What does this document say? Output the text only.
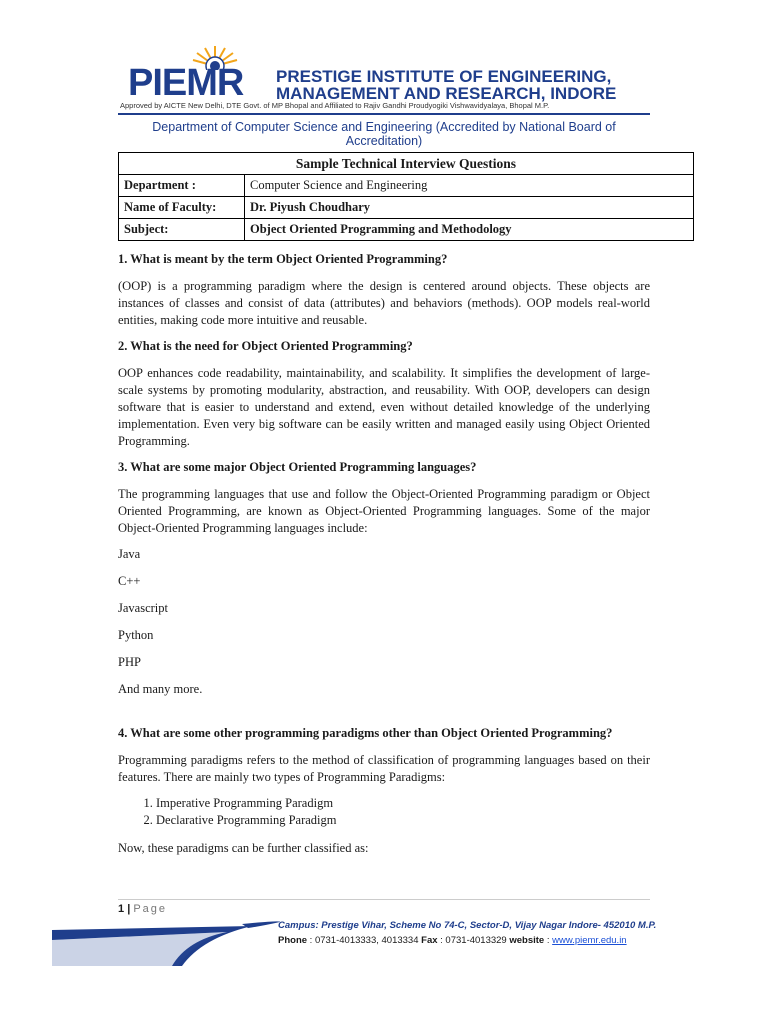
PIEMR PRESTIGE INSTITUTE OF ENGINEERING,
MANAGEMENT AND RESEARCH, INDORE
Approved by AICTE New Delhi, DTE Govt. of MP Bhopal and Affiliated to Rajiv Gandhi Proudyogiki Vishwavidyalaya, Bhopal M.P.
Department of Computer Science and Engineering (Accredited by National Board of Accreditation)
Sample Technical Interview Questions	
Department :	Computer Science and Engineering
Name of Faculty:	Dr. Piyush Choudhary
Subject:	Object Oriented Programming and Methodology
1. What is meant by the term Object Oriented Programming?
(OOP) is a programming paradigm where the design is centered around objects. These objects are instances of classes and consist of data (attributes) and behaviors (methods). OOP models real-world entities, making code more intuitive and reusable.
2. What is the need for Object Oriented Programming?
OOP enhances code readability, maintainability, and scalability. It simplifies the development of large-scale systems by promoting modularity, abstraction, and reusability. With OOP, developers can design software that is easier to understand and extend, even without detailed knowledge of the underlying implementation. Even very big software can be easily written and managed easily using Object Oriented Programming.
3. What are some major Object Oriented Programming languages?
The programming languages that use and follow the Object-Oriented Programming paradigm or Object Oriented Programming, are known as Object-Oriented Programming languages. Some of the major Object-Oriented Programming languages include:
Java
C++
Javascript
Python
PHP
And many more.
4. What are some other programming paradigms other than Object Oriented Programming?
Programming paradigms refers to the method of classification of programming languages based on their features. There are mainly two types of Programming Paradigms:
1. Imperative Programming Paradigm
2. Declarative Programming Paradigm
Now, these paradigms can be further classified as:
1 | Page
Campus: Prestige Vihar, Scheme No 74-C, Sector-D, Vijay Nagar Indore- 452010 M.P.
Phone : 0731-4013333, 4013334 Fax : 0731-4013329 website : www.piemr.edu.in
